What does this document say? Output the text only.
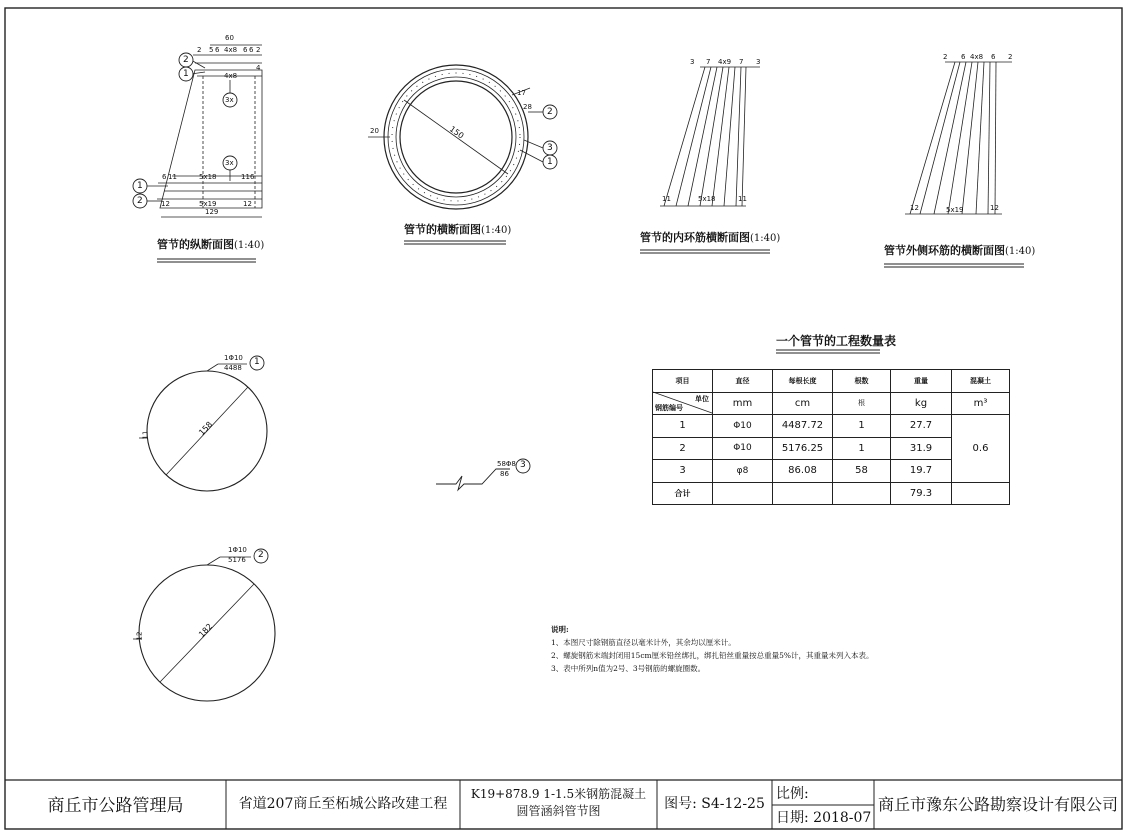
60
2 5 6 4x8 6 6 2
4
4x8
5x18
6 11	11 6
5x19
12	12
129
2
1
3x
3x
1
2
管节的纵断面图(1:40)
150
20
17
28 2
3
1
管节的横断面图(1:40)
3 7 4x9 7 3
11	5x18	11
管节的内环筋横断面图(1:40)
2 6 4x8 6 2
12	5x19	12
管节外侧环筋的横断面图(1:40)
1Φ10
4488
1
158
11
1Φ10
5176 2
182
12
58Φ8
86
3
一个管节的工程数量表
项目	直径	每根长度	根数	重量	混凝土

单位
钢筋编号	mm	cm	根	kg	m³
1	Φ10	4487.72	1	27.7	0.6
2	Φ10	5176.25	1	31.9	
3	φ8	86.08	58	19.7	
合计				79.3	
说明:
1、本图尺寸除钢筋直径以毫米计外，其余均以厘米计。
2、螺旋钢筋末端封闭用15cm厘米铅丝绑扎，绑扎铅丝重量按总重量5%计，其重量未列入本表。
3、表中所列n值为2号、3号钢筋的螺旋圈数。
商丘市公路管理局	省道207商丘至柘城公路改建工程
K19+878.9 1-1.5米钢筋混凝土
圆管涵斜管节图	图号: S4-12-25
比例:
日期: 2018-07
商丘市豫东公路勘察设计有限公司
